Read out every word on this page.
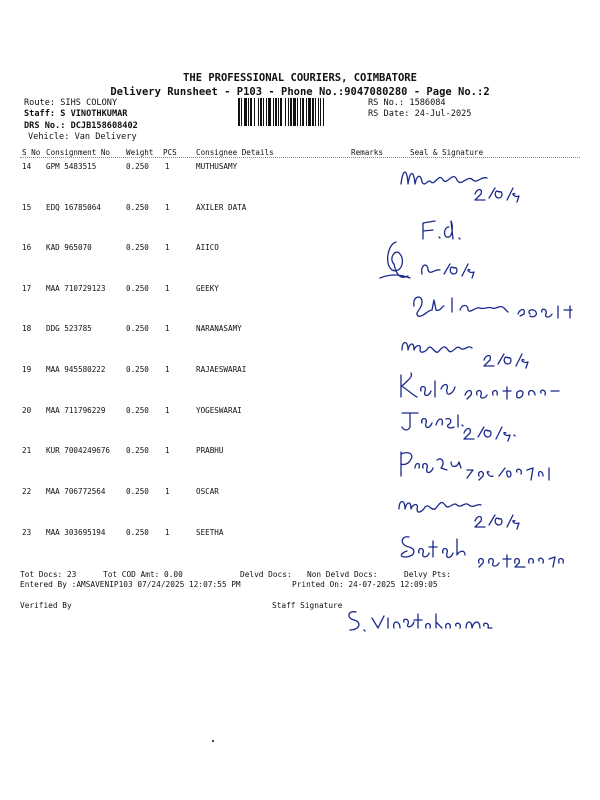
THE PROFESSIONAL COURIERS, COIMBATORE
Delivery Runsheet - P103 - Phone No.:9047080280 - Page No.:2
Route: SIHS COLONY
Staff: S VINOTHKUMAR
DRS No.: DCJB158608402
Vehicle: Van Delivery
RS No.: 1586084
RS Date: 24-Jul-2025
S No Consignment No Weight PCS	Consignee Details	Remarks	Seal & Signature
14 GPM 5483515	0.250 1	MUTHUSAMY
15 EDQ 16785064	0.250 1	AXILER DATA
16 KAD 965070	0.250 1	AIICO
17 MAA 710729123	0.250 1	GEEKY
18 DDG 523785	0.250 1	NARANASAMY
19 MAA 945580222	0.250 1	RAJAESWARAI
20 MAA 711796229	0.250 1	YOGESWARAI
21 KUR 7004249676 0.250 1	PRABHU
22 MAA 706772564	0.250 1	OSCAR
23 MAA 303695194	0.250 1	SEETHA
Tot Docs: 23	Tot COD Amt: 0.00	Delvd Docs: Non Delvd Docs:	Delvy Pts:
Entered By :AMSAVENIP103 07/24/2025 12:07:55 PM	Printed On: 24-07-2025 12:09:05
Verified By	Staff Signature
